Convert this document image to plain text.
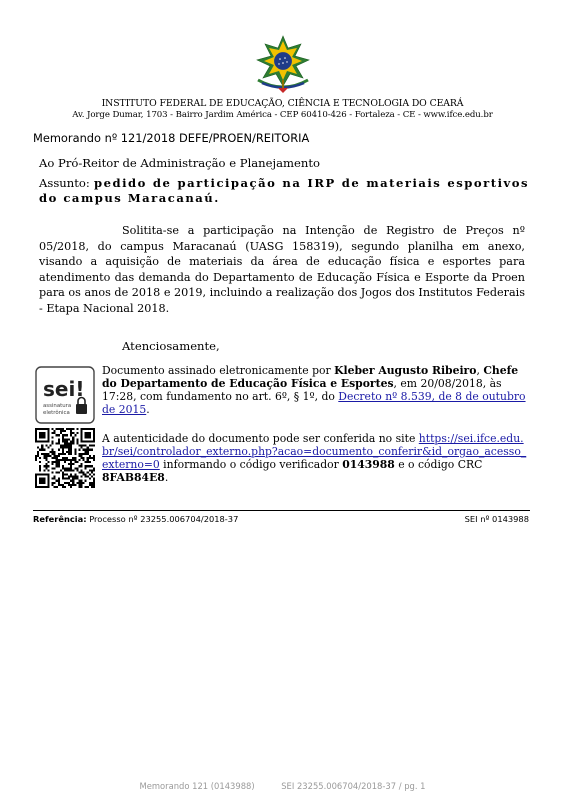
INSTITUTO FEDERAL DE EDUCAÇÃO, CIÊNCIA E TECNOLOGIA DO CEARÁ
Av. Jorge Dumar, 1703 - Bairro Jardim América - CEP 60410-426 - Fortaleza - CE - www.ifce.edu.br
Memorando nº 121/2018 DEFE/PROEN/REITORIA
Ao Pró-Reitor de Administração e Planejamento
Assunto: pedido de participação na IRP de materiais esportivos do campus Maracanaú.
Solitita-se a participação na Intenção de Registro de Preços nº 05/2018, do campus Maracanaú (UASG 158319), segundo planilha em anexo, visando a aquisição de materiais da área de educação física e esportes para atendimento das demanda do Departamento de Educação Física e Esporte da Proen para os anos de 2018 e 2019, incluindo a realização dos Jogos dos Institutos Federais - Etapa Nacional 2018.
Atenciosamente,
sei!
assinatura
eletrônica
Documento assinado eletronicamente por Kleber Augusto Ribeiro, Chefe do Departamento de Educação Física e Esportes, em 20/08/2018, às 17:28, com fundamento no art. 6º, § 1º, do Decreto nº 8.539, de 8 de outubro de 2015.
A autenticidade do documento pode ser conferida no site https://sei.ifce.edu.br/sei/controlador_externo.php?acao=documento_conferir&id_orgao_acesso_externo=0 informando o código verificador 0143988 e o código CRC 8FAB84E8.
Referência: Processo nº 23255.006704/2018-37	SEI nº 0143988
Memorando 121 (0143988)          SEI 23255.006704/2018-37 / pg. 1
